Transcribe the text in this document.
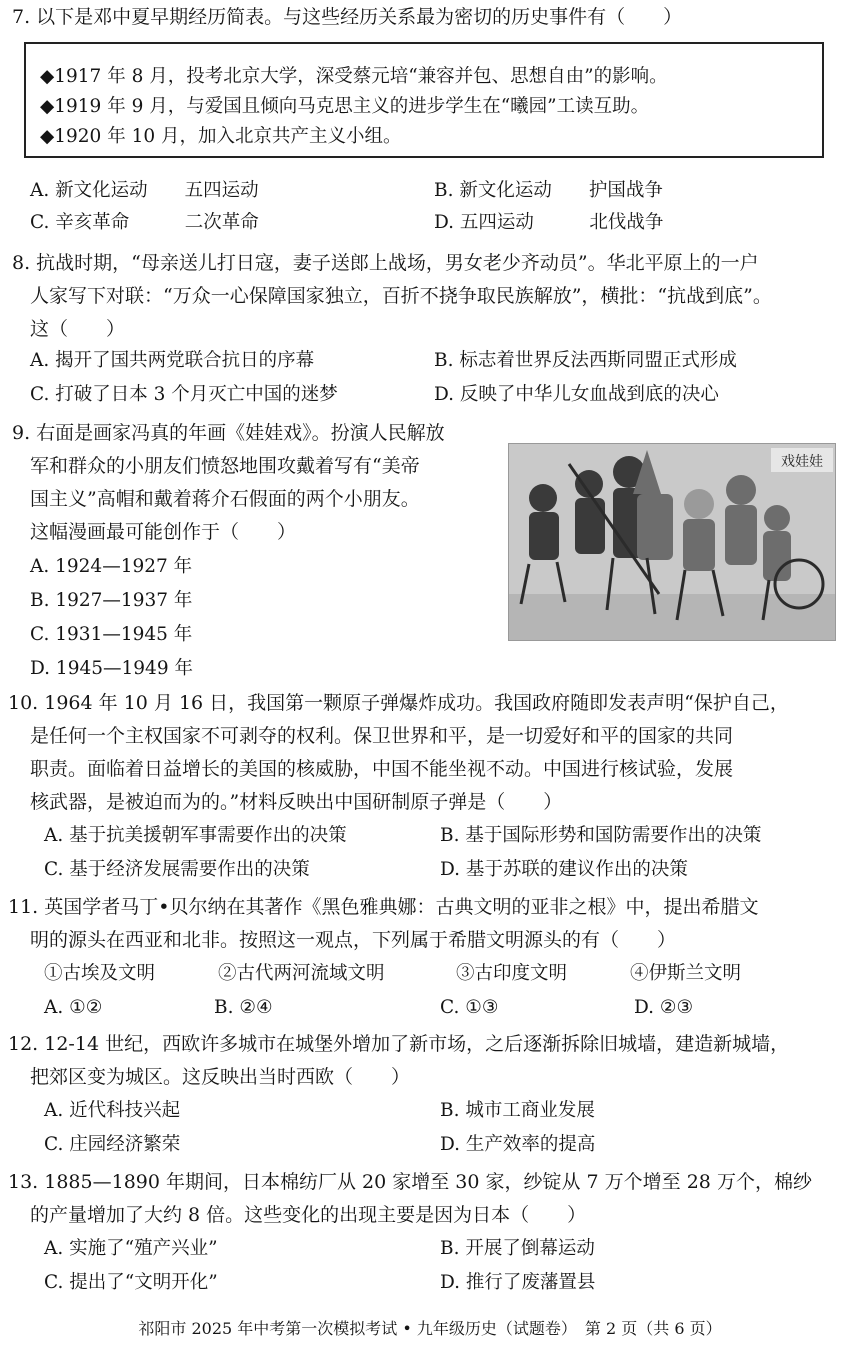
7. 以下是邓中夏早期经历简表。与这些经历关系最为密切的历史事件有（　　）
◆1917 年 8 月，投考北京大学，深受蔡元培“兼容并包、思想自由”的影响。
◆1919 年 9 月，与爱国且倾向马克思主义的进步学生在“曦园”工读互助。
◆1920 年 10 月，加入北京共产主义小组。
A. 新文化运动　　五四运动	B. 新文化运动　　护国战争
C. 辛亥革命　　　二次革命	D. 五四运动　　　北伐战争
8. 抗战时期，“母亲送儿打日寇，妻子送郎上战场，男女老少齐动员”。华北平原上的一户
人家写下对联：“万众一心保障国家独立，百折不挠争取民族解放”，横批：“抗战到底”。
这（　　）
A. 揭开了国共两党联合抗日的序幕	B. 标志着世界反法西斯同盟正式形成
C. 打破了日本 3 个月灭亡中国的迷梦	D. 反映了中华儿女血战到底的决心
9. 右面是画家冯真的年画《娃娃戏》。扮演人民解放
军和群众的小朋友们愤怒地围攻戴着写有“美帝
国主义”高帽和戴着蒋介石假面的两个小朋友。
这幅漫画最可能创作于（　　）
A. 1924—1927 年
B. 1927—1937 年
C. 1931—1945 年
D. 1945—1949 年
戏娃娃
10. 1964 年 10 月 16 日，我国第一颗原子弹爆炸成功。我国政府随即发表声明“保护自己，
是任何一个主权国家不可剥夺的权利。保卫世界和平，是一切爱好和平的国家的共同
职责。面临着日益增长的美国的核威胁，中国不能坐视不动。中国进行核试验，发展
核武器，是被迫而为的。”材料反映出中国研制原子弹是（　　）
A. 基于抗美援朝军事需要作出的决策	B. 基于国际形势和国防需要作出的决策
C. 基于经济发展需要作出的决策	D. 基于苏联的建议作出的决策
11. 英国学者马丁•贝尔纳在其著作《黑色雅典娜：古典文明的亚非之根》中，提出希腊文
明的源头在西亚和北非。按照这一观点，下列属于希腊文明源头的有（　　）
①古埃及文明	②古代两河流域文明	③古印度文明	④伊斯兰文明
A. ①②	B. ②④	C. ①③	D. ②③
12. 12-14 世纪，西欧许多城市在城堡外增加了新市场，之后逐渐拆除旧城墙，建造新城墙，
把郊区变为城区。这反映出当时西欧（　　）
A. 近代科技兴起	B. 城市工商业发展
C. 庄园经济繁荣	D. 生产效率的提高
13. 1885—1890 年期间，日本棉纺厂从 20 家增至 30 家，纱锭从 7 万个增至 28 万个，棉纱
的产量增加了大约 8 倍。这些变化的出现主要是因为日本（　　）
A. 实施了“殖产兴业”	B. 开展了倒幕运动
C. 提出了“文明开化”	D. 推行了废藩置县
祁阳市 2025 年中考第一次模拟考试 • 九年级历史（试题卷）　第 2 页（共 6 页）
